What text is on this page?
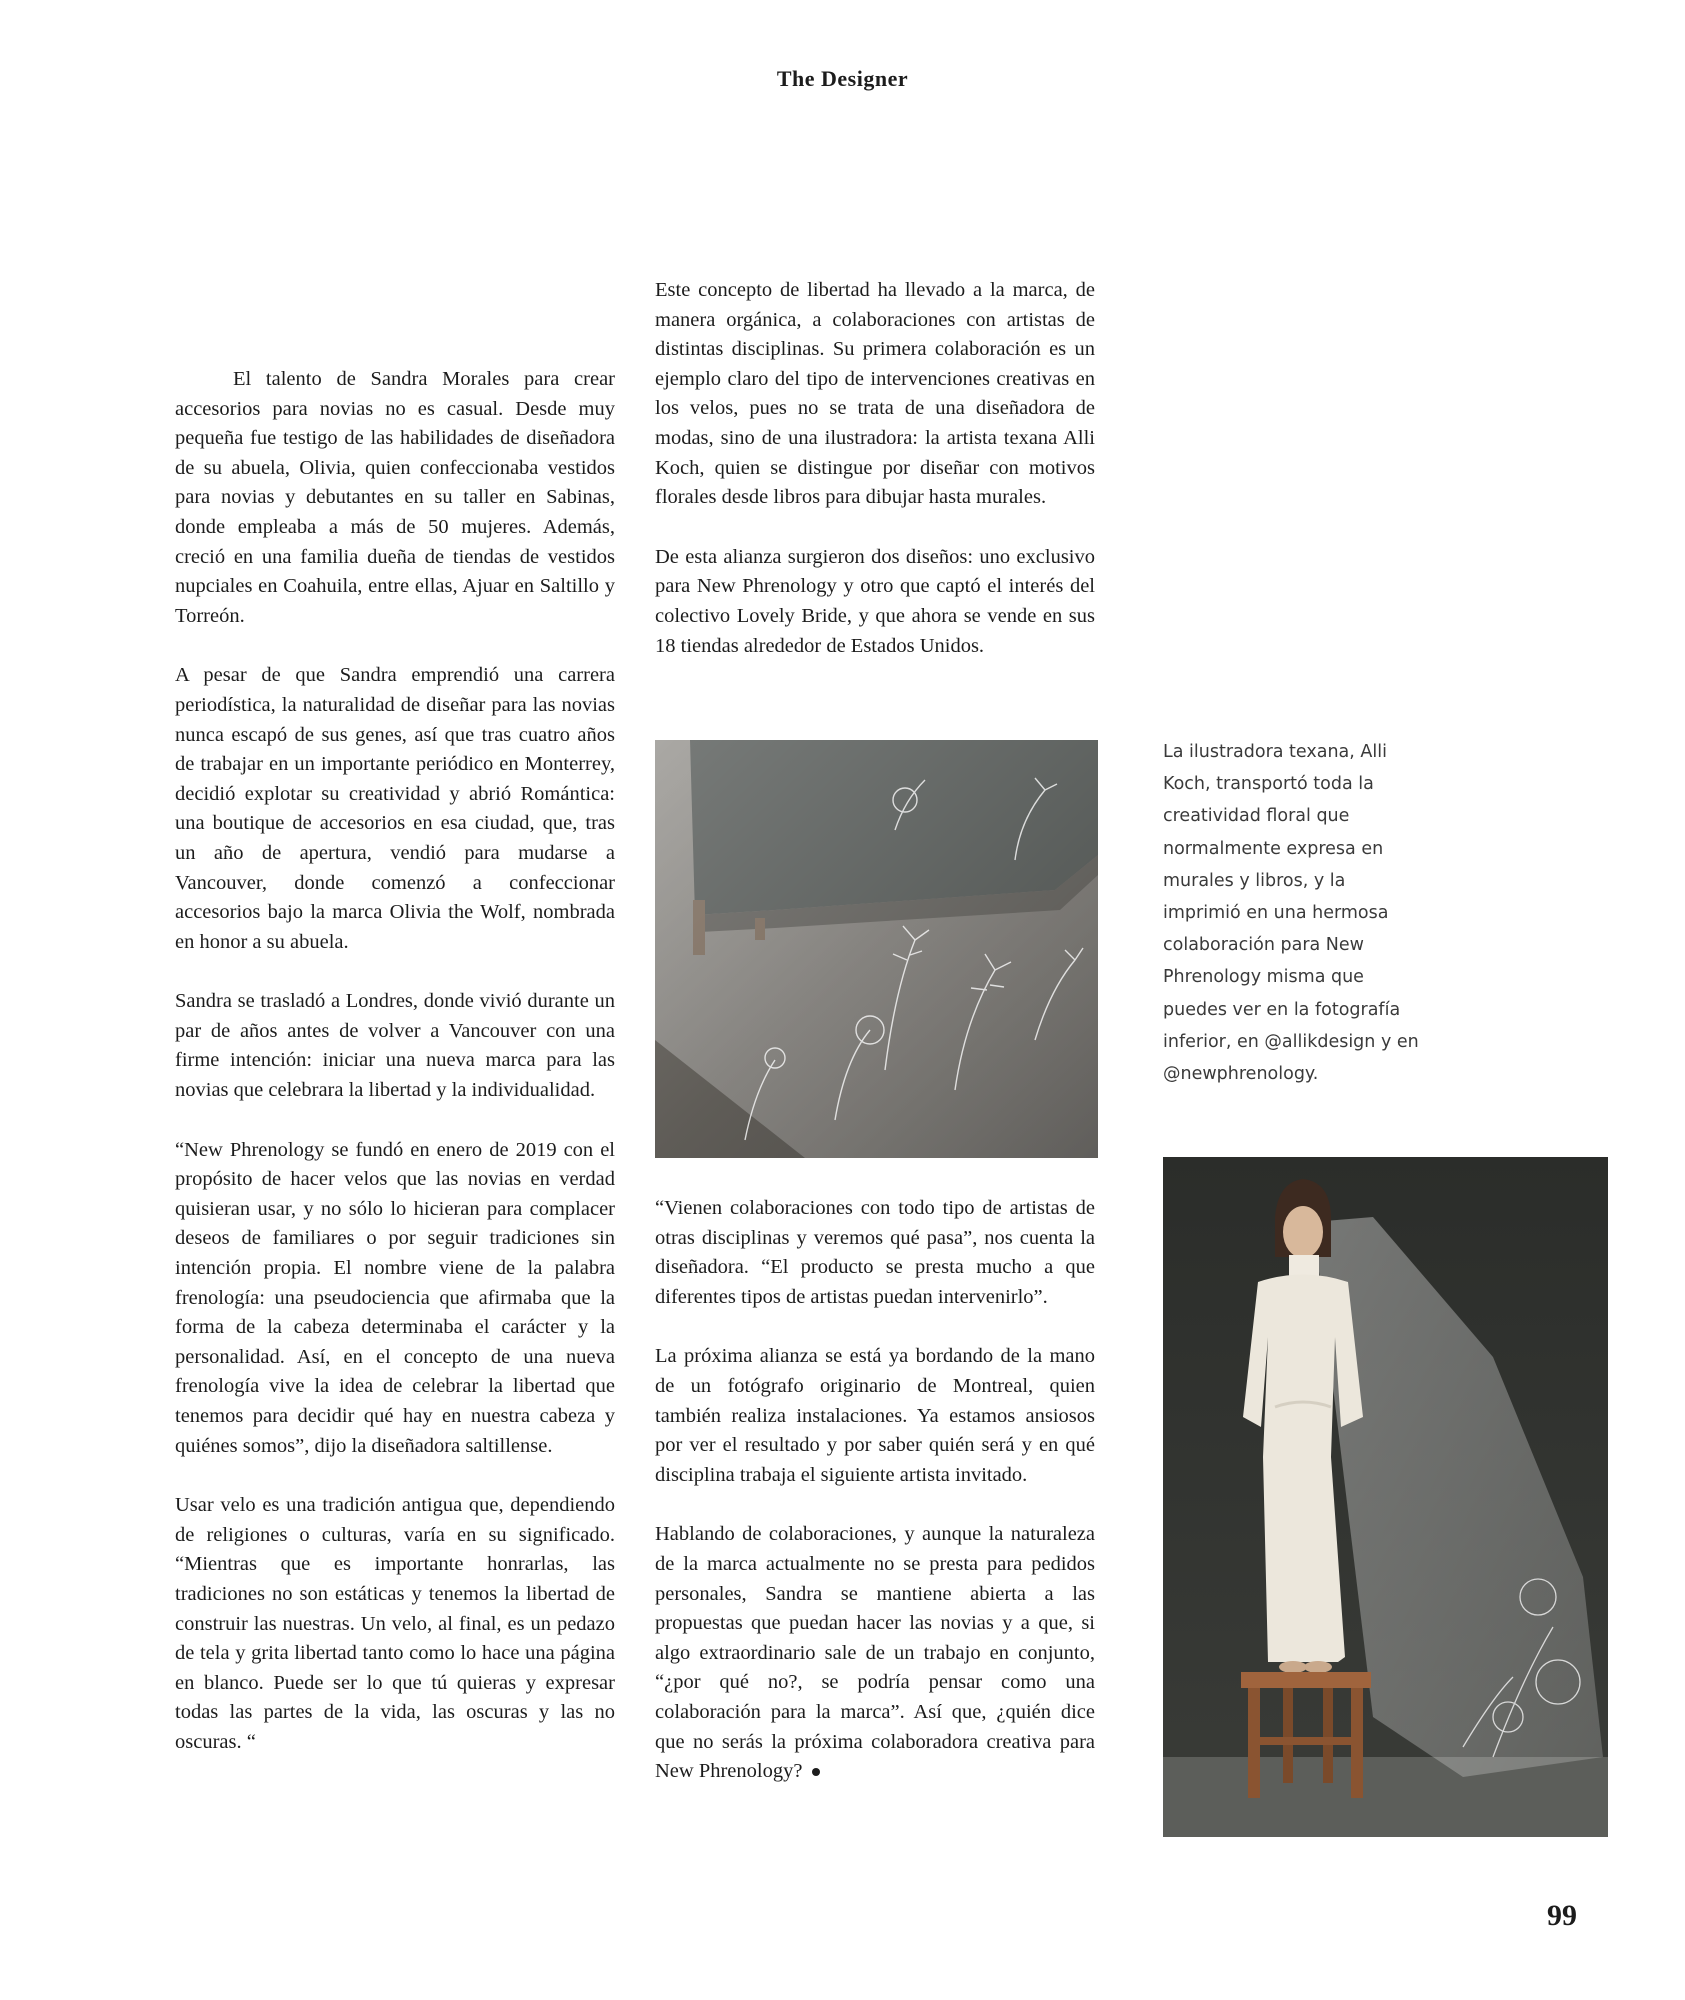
The Designer

El talento de Sandra Morales para crear accesorios para novias no es casual. Desde muy pequeña fue testigo de las habilidades de diseñadora de su abuela, Olivia, quien confeccionaba vestidos para novias y debutantes en su taller en Sabinas, donde empleaba a más de 50 mujeres. Además, creció en una familia dueña de tiendas de vestidos nupciales en Coahuila, entre ellas, Ajuar en Saltillo y Torreón.

A pesar de que Sandra emprendió una carrera periodística, la naturalidad de diseñar para las novias nunca escapó de sus genes, así que tras cuatro años de trabajar en un importante periódico en Monterrey, decidió explotar su creatividad y abrió Romántica: una boutique de accesorios en esa ciudad, que, tras un año de apertura, vendió para mudarse a Vancouver, donde comenzó a confeccionar accesorios bajo la marca Olivia the Wolf, nombrada en honor a su abuela.

Sandra se trasladó a Londres, donde vivió durante un par de años antes de volver a Vancouver con una firme intención: iniciar una nueva marca para las novias que celebrara la libertad y la individualidad.

“New Phrenology se fundó en enero de 2019 con el propósito de hacer velos que las novias en verdad quisieran usar, y no sólo lo hicieran para complacer deseos de familiares o por seguir tradiciones sin intención propia. El nombre viene de la palabra frenología: una pseudociencia que afirmaba que la forma de la cabeza determinaba el carácter y la personalidad. Así, en el concepto de una nueva frenología vive la idea de celebrar la libertad que tenemos para decidir qué hay en nuestra cabeza y quiénes somos”, dijo la diseñadora saltillense.

Usar velo es una tradición antigua que, dependiendo de religiones o culturas, varía en su significado. “Mientras que es importante honrarlas, las tradiciones no son estáticas y tenemos la libertad de construir las nuestras. Un velo, al final, es un pedazo de tela y grita libertad tanto como lo hace una página en blanco. Puede ser lo que tú quieras y expresar todas las partes de la vida, las oscuras y las no oscuras. “

Este concepto de libertad ha llevado a la marca, de manera orgánica, a colaboraciones con artistas de distintas disciplinas. Su primera colaboración es un ejemplo claro del tipo de intervenciones creativas en los velos, pues no se trata de una diseñadora de modas, sino de una ilustradora: la artista texana Alli Koch, quien se distingue por diseñar con motivos florales desde libros para dibujar hasta murales.

De esta alianza surgieron dos diseños: uno exclusivo para New Phrenology y otro que captó el interés del colectivo Lovely Bride, y que ahora se vende en sus 18 tiendas alrededor de Estados Unidos.

“Vienen colaboraciones con todo tipo de artistas de otras disciplinas y veremos qué pasa”, nos cuenta la diseñadora. “El producto se presta mucho a que diferentes tipos de artistas puedan intervenirlo”.

La próxima alianza se está ya bordando de la mano de un fotógrafo originario de Montreal, quien también realiza instalaciones. Ya estamos ansiosos por ver el resultado y por saber quién será y en qué disciplina trabaja el siguiente artista invitado.

Hablando de colaboraciones, y aunque la naturaleza de la marca actualmente no se presta para pedidos personales, Sandra se mantiene abierta a las propuestas que puedan hacer las novias y a que, si algo extraordinario sale de un trabajo en conjunto, “¿por qué no?, se podría pensar como una colaboración para la marca”. Así que, ¿quién dice que no serás la próxima colaboradora creativa para New Phrenology?

La ilustradora texana, Alli Koch, transportó toda la creatividad floral que normalmente expresa en murales y libros, y la imprimió en una hermosa colaboración para New Phrenology misma que puedes ver en la fotografía inferior, en @allikdesign y en @newphrenology.
99
